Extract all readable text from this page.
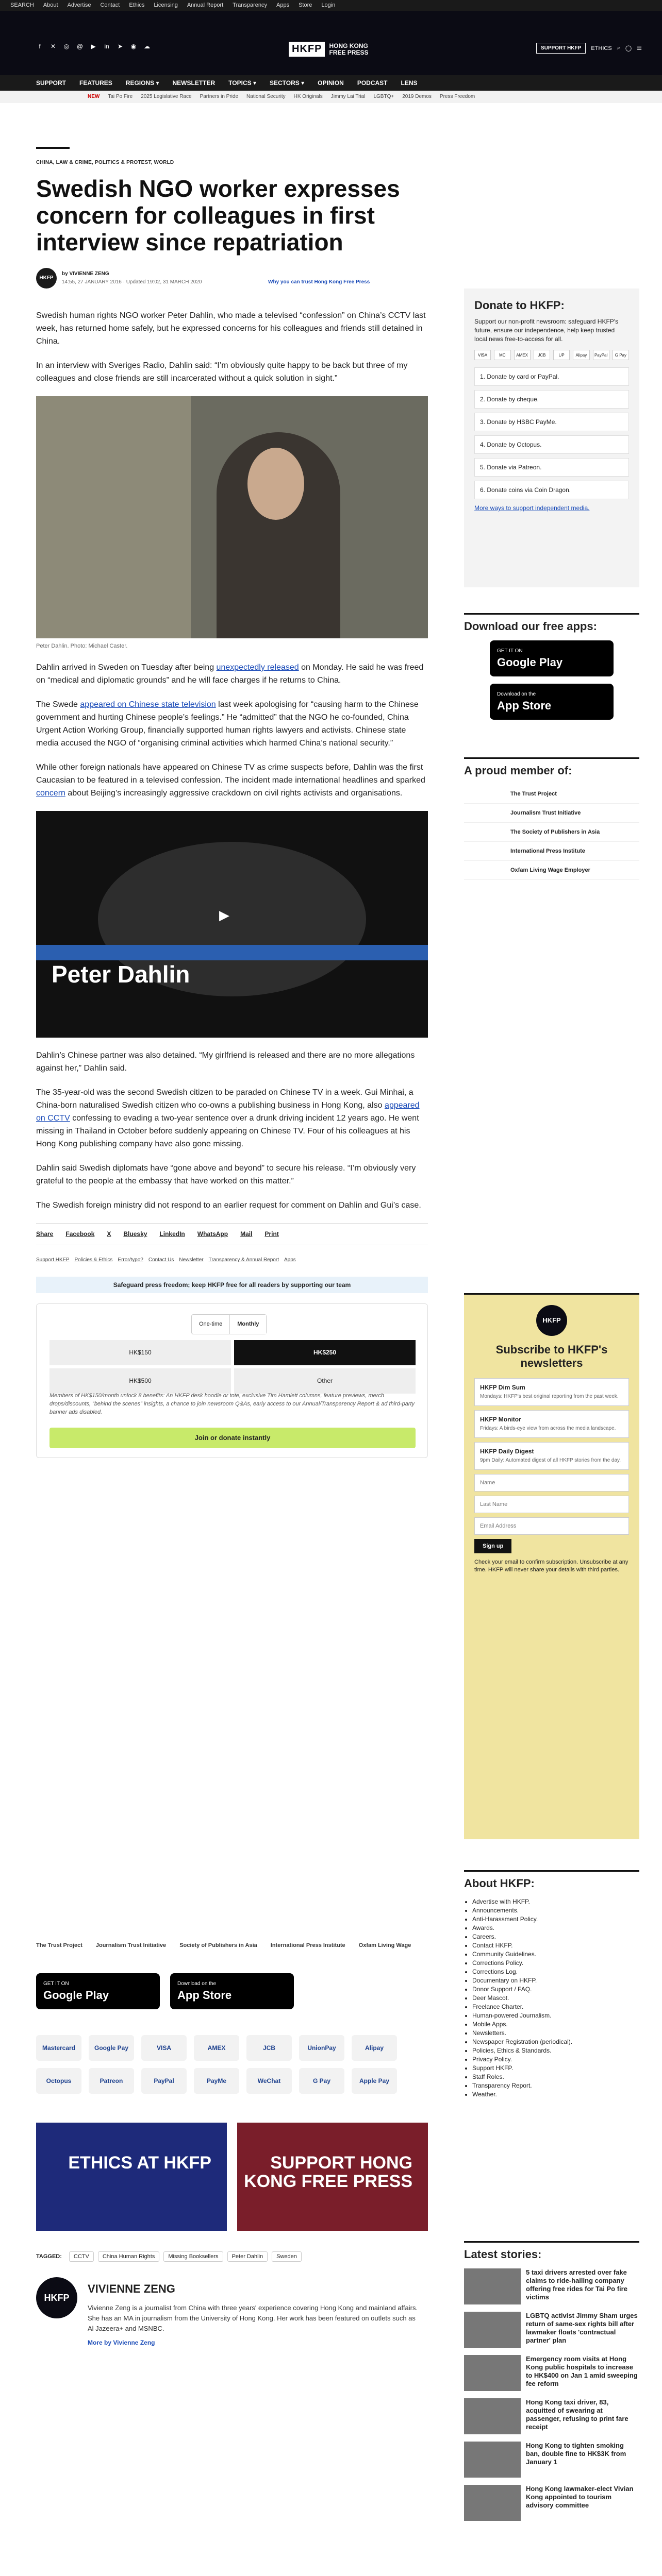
SEARCH About Advertise Contact Ethics Licensing Annual Report Transparency Apps Store Login
f	✕ ◎ @ ▶ in ➤ ◉ ☁	HKFP	HONG KONG FREE PRESS
SUPPORT HKFP	ETHICS ⌕ ◯ ☰
SUPPORT FEATURES REGIONS ▾ NEWSLETTER TOPICS ▾ SECTORS ▾ OPINION PODCAST LENS
NEW Tai Po Fire 2025 Legislative Race Partners in Pride National Security HK Originals Jimmy Lai Trial LGBTQ+ 2019 Demos Press Freedom
CHINA, LAW & CRIME, POLITICS & PROTEST, WORLD
Swedish NGO worker expresses concern for colleagues in first interview since repatriation
HKFP
by VIVIENNE ZENG
14:55, 27 JANUARY 2016 · Updated 19:02, 31 MARCH 2020	Why you can trust Hong Kong Free Press

Swedish human rights NGO worker Peter Dahlin, who made a televised “confession” on China’s CCTV last week, has returned home safely, but he expressed concerns for his colleagues and friends still detained in China.

In an interview with Sveriges Radio, Dahlin said: “I’m obviously quite happy to be back but three of my colleagues and close friends are still incarcerated without a quick solution in sight.”

Peter Dahlin. Photo: Michael Caster.

Dahlin arrived in Sweden on Tuesday after being unexpectedly released on Monday. He said he was freed on “medical and diplomatic grounds” and he will face charges if he returns to China.

The Swede appeared on Chinese state television last week apologising for “causing harm to the Chinese government and hurting Chinese people’s feelings.” He “admitted” that the NGO he co-founded, China Urgent Action Working Group, financially supported human rights lawyers and activists. Chinese state media accused the NGO of “organising criminal activities which harmed China’s national security.”

While other foreign nationals have appeared on Chinese TV as crime suspects before, Dahlin was the first Caucasian to be featured in a televised confession. The incident made international headlines and sparked concern about Beijing’s increasingly aggressive crackdown on civil rights activists and organisations.

Peter Dahlin
▶

Dahlin’s Chinese partner was also detained. “My girlfriend is released and there are no more allegations against her,” Dahlin said.

The 35-year-old was the second Swedish citizen to be paraded on Chinese TV in a week. Gui Minhai, a China-born naturalised Swedish citizen who co-owns a publishing business in Hong Kong, also appeared on CCTV confessing to evading a two-year sentence over a drunk driving incident 12 years ago. He went missing in Thailand in October before suddenly appearing on Chinese TV. Four of his colleagues at his Hong Kong publishing company have also gone missing.

Dahlin said Swedish diplomats have “gone above and beyond” to secure his release. “I’m obviously very grateful to the people at the embassy that have worked on this matter.”

The Swedish foreign ministry did not respond to an earlier request for comment on Dahlin and Gui’s case.

Share Facebook X Bluesky LinkedIn WhatsApp Mail Print
Support HKFP Policies & Ethics Error/typo? Contact Us Newsletter Transparency & Annual Report Apps
Safeguard press freedom; keep HKFP free for all readers by supporting our team
One-time	Monthly
HK$150	HK$250
HK$500	Other
Members of HK$150/month unlock 8 benefits: An HKFP desk hoodie or tote, exclusive Tim Hamlett columns, feature previews, merch drops/discounts, “behind the scenes” insights, a chance to join newsroom Q&As, early access to our Annual/Transparency Report & ad third-party banner ads disabled.
Join or donate instantly
The Trust Project Journalism Trust Initiative Society of Publishers in Asia International Press Institute Oxfam Living Wage
GET IT ON
Google Play
Download on the
App Store
Mastercard	Google Pay	VISA	AMEX	JCB	UnionPay	Alipay
Octopus	Patreon	PayPal	PayMe	WeChat	G Pay	Apple Pay
ETHICS AT HKFP	SUPPORT HONG KONG FREE PRESS
TAGGED:	CCTV	China Human Rights	Missing Booksellers	Peter Dahlin	Sweden
HKFP
VIVIENNE ZENG
Vivienne Zeng is a journalist from China with three years' experience covering Hong Kong and mainland affairs. She has an MA in journalism from the University of Hong Kong. Her work has been featured on outlets such as Al Jazeera+ and MSNBC.
More by Vivienne Zeng
Donate to HKFP:

Support our non-profit newsroom: safeguard HKFP's future, ensure our independence, help keep trusted local news free-to-access for all.

VISA	MC	AMEX	JCB	UP	Alipay	PayPal	G Pay
1. Donate by card or PayPal.
2. Donate by cheque.
3. Donate by HSBC PayMe.
4. Donate by Octopus.
5. Donate via Patreon.
6. Donate coins via Coin Dragon.
More ways to support independent media.
Download our free apps:
GET IT ON
Google Play
Download on the
App Store
A proud member of:
The Trust Project
Journalism Trust Initiative
The Society of Publishers in Asia
International Press Institute
Oxfam Living Wage Employer
HKFP
Subscribe to HKFP's newsletters
HKFP Dim Sum
Mondays: HKFP's best original reporting from the past week.
HKFP Monitor
Fridays: A birds-eye view from across the media landscape.
HKFP Daily Digest
9pm Daily: Automated digest of all HKFP stories from the day.
Name
Last Name
Email Address
Sign up

Check your email to confirm subscription. Unsubscribe at any time. HKFP will never share your details with third parties.

About HKFP:
• Advertise with HKFP.
• Announcements.
• Anti-Harassment Policy.
• Awards.
• Careers.
• Contact HKFP.
• Community Guidelines.
• Corrections Policy.
• Corrections Log.
• Documentary on HKFP.
• Donor Support / FAQ.
• Deer Mascot.
• Freelance Charter.
• Human-powered Journalism.
• Mobile Apps.
• Newsletters.
• Newspaper Registration (periodical).
• Policies, Ethics & Standards.
• Privacy Policy.
• Support HKFP.
• Staff Roles.
• Transparency Report.
• Weather.
Latest stories:
5 taxi drivers arrested over fake claims to ride-hailing company offering free rides for Tai Po fire victims
LGBTQ activist Jimmy Sham urges return of same-sex rights bill after lawmaker floats 'contractual partner' plan
Emergency room visits at Hong Kong public hospitals to increase to HK$400 on Jan 1 amid sweeping fee reform
Hong Kong taxi driver, 83, acquitted of swearing at passenger, refusing to print fare receipt
Hong Kong to tighten smoking ban, double fine to HK$3K from January 1
Hong Kong lawmaker-elect Vivian Kong appointed to tourism advisory committee
